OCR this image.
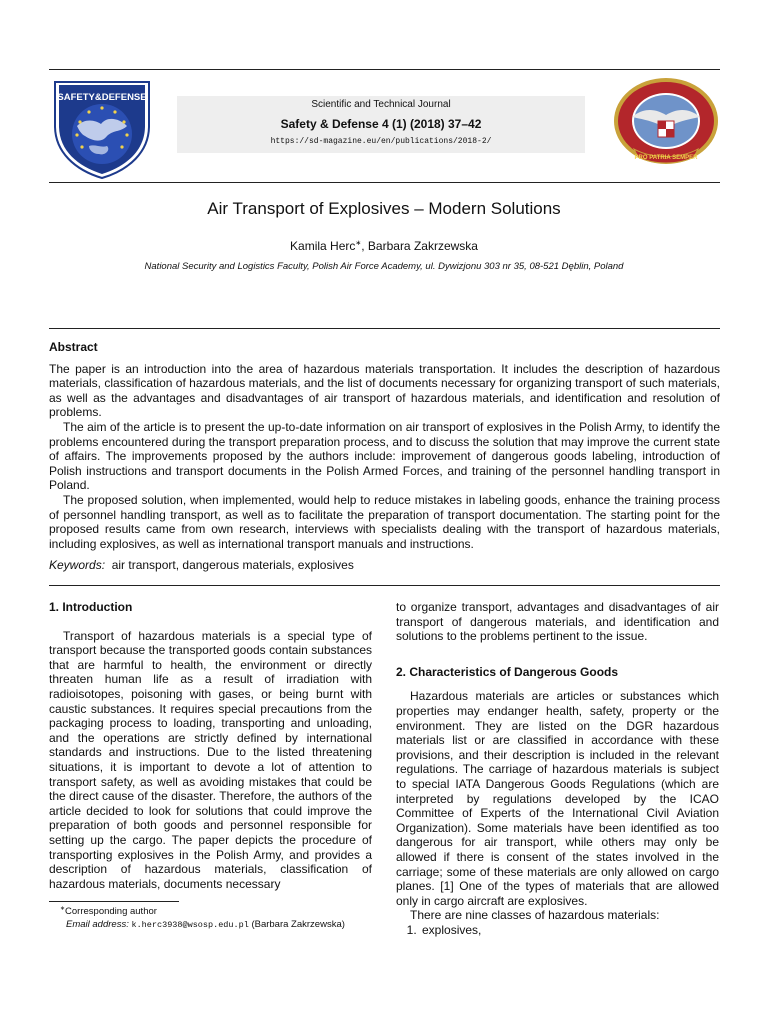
SAFETY&DEFENSE
Scientific and Technical Journal
Safety & Defense 4 (1) (2018) 37–42
https://sd-magazine.eu/en/publications/2018-2/
PRO PATRIA SEMPER
Air Transport of Explosives – Modern Solutions
Kamila Herc∗, Barbara Zakrzewska
National Security and Logistics Faculty, Polish Air Force Academy, ul. Dywizjonu 303 nr 35, 08-521 Dęblin, Poland
Abstract

The paper is an introduction into the area of hazardous materials transportation. It includes the description of hazardous materials, classification of hazardous materials, and the list of documents necessary for organizing transport of such materials, as well as the advantages and disadvantages of air transport of hazardous materials, and identification and resolution of problems.

The aim of the article is to present the up-to-date information on air transport of explosives in the Polish Army, to identify the problems encountered during the transport preparation process, and to discuss the solution that may improve the current state of affairs. The improvements proposed by the authors include: improvement of dangerous goods labeling, introduction of Polish instructions and transport documents in the Polish Armed Forces, and training of the personnel handling transport in Poland.

The proposed solution, when implemented, would help to reduce mistakes in labeling goods, enhance the training process of personnel handling transport, as well as to facilitate the preparation of transport documentation. The starting point for the proposed results came from own research, interviews with specialists dealing with the transport of hazardous materials, including explosives, as well as international transport manuals and instructions.

Keywords: air transport, dangerous materials, explosives
1. Introduction

Transport of hazardous materials is a special type of transport because the transported goods contain substances that are harmful to health, the environment or directly threaten human life as a result of irradiation with radioisotopes, poisoning with gases, or being burnt with caustic substances. It requires special precautions from the packaging process to loading, transporting and unloading, and the operations are strictly defined by international standards and instructions. Due to the listed threatening situations, it is important to devote a lot of attention to transport safety, as well as avoiding mistakes that could be the direct cause of the disaster. Therefore, the authors of the article decided to look for solutions that could improve the preparation of both goods and personnel responsible for setting up the cargo. The paper depicts the procedure of transporting explosives in the Polish Army, and provides a description of hazardous materials, classification of hazardous materials, documents necessary

to organize transport, advantages and disadvantages of air transport of dangerous materials, and identification and solutions to the problems pertinent to the issue.

2. Characteristics of Dangerous Goods

Hazardous materials are articles or substances which properties may endanger health, safety, property or the environment. They are listed on the DGR hazardous materials list or are classified in accordance with these provisions, and their description is included in the relevant regulations. The carriage of hazardous materials is subject to special IATA Dangerous Goods Regulations (which are interpreted by regulations developed by the ICAO Committee of Experts of the International Civil Aviation Organization). Some materials have been identified as too dangerous for air transport, while others may only be allowed if there is consent of the states involved in the carriage; some of these materials are only allowed on cargo planes. [1] One of the types of materials that are allowed only in cargo aircraft are explosives.

There are nine classes of hazardous materials:

1. explosives,
∗Corresponding author
Email address: k.herc3938@wsosp.edu.pl (Barbara Zakrzewska)
